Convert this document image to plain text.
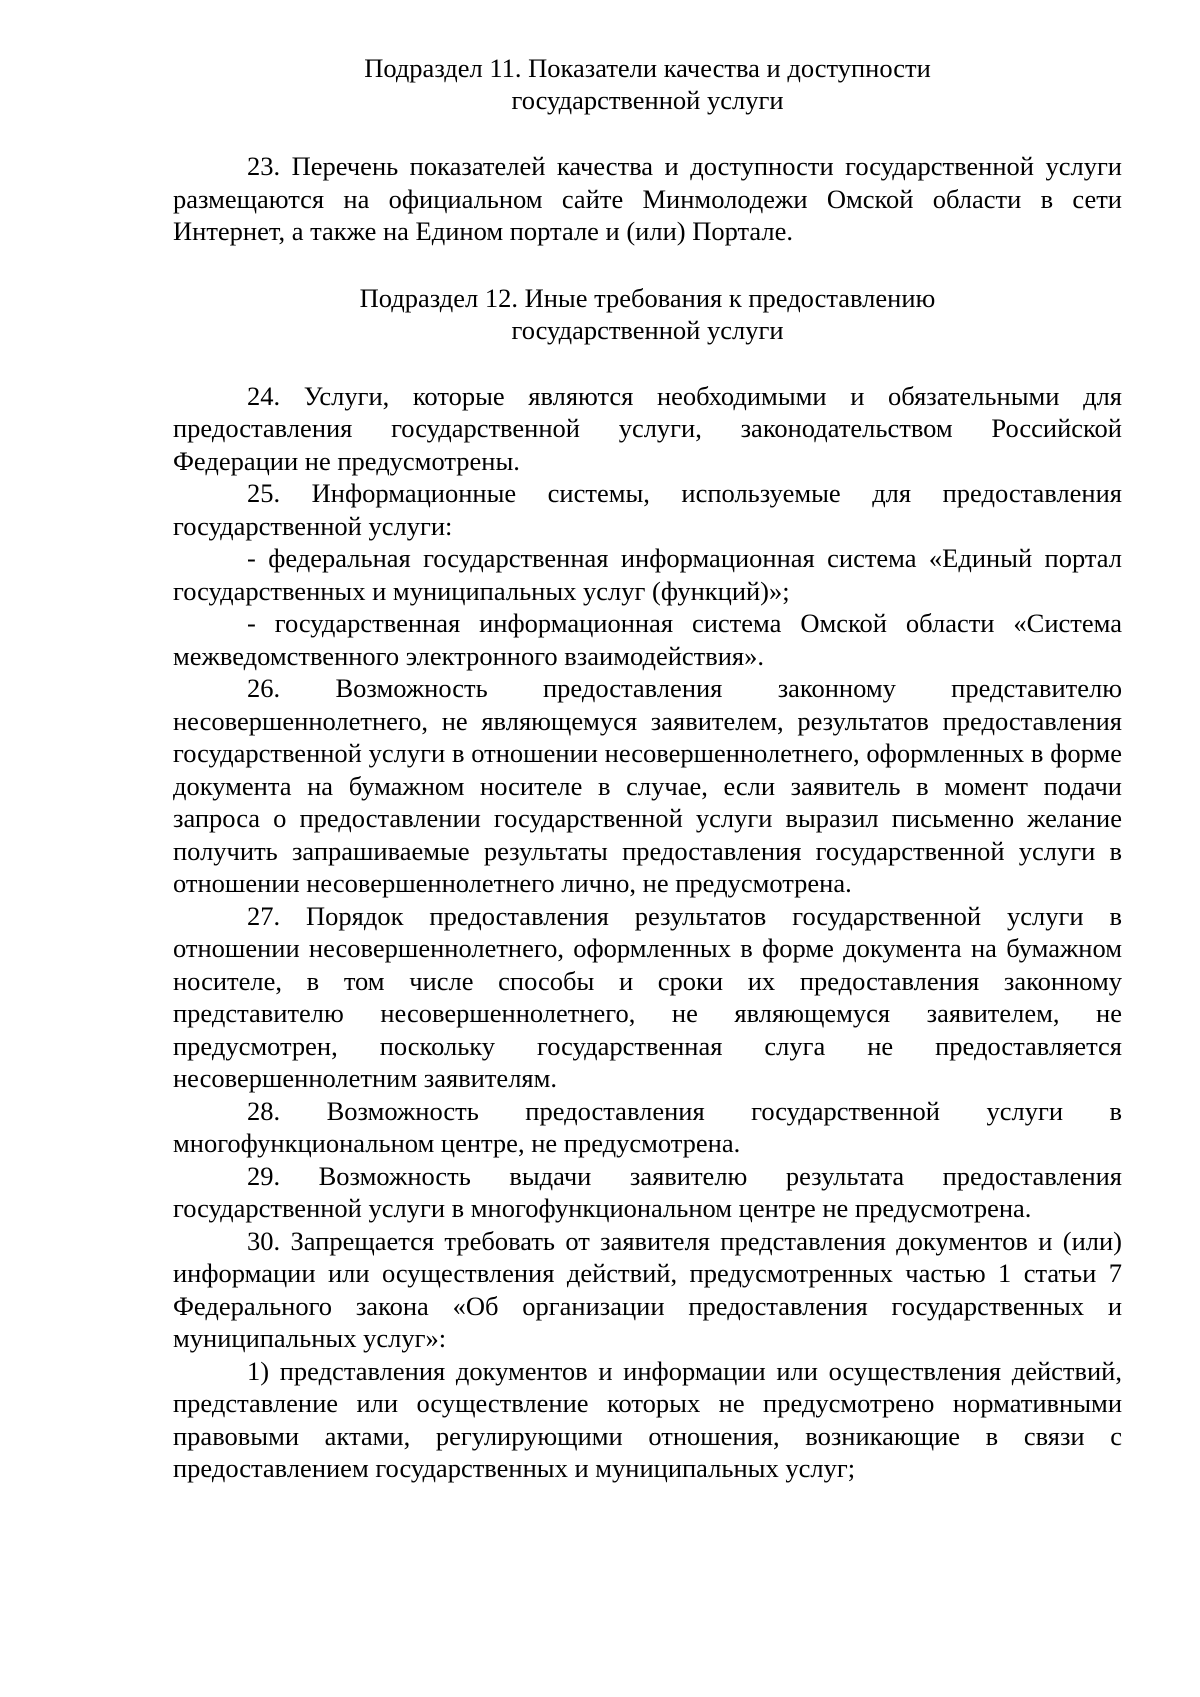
Подраздел 11. Показатели качества и доступности
государственной услуги

23. Перечень показателей качества и доступности государственной услуги размещаются на официальном сайте Минмолодежи Омской области в сети Интернет, а также на Едином портале и (или) Портале.

Подраздел 12. Иные требования к предоставлению
государственной услуги

24. Услуги, которые являются необходимыми и обязательными для предоставления государственной услуги, законодательством Российской Федерации не предусмотрены.

25. Информационные системы, используемые для предоставления государственной услуги:

- федеральная государственная информационная система «Единый портал государственных и муниципальных услуг (функций)»;

- государственная информационная система Омской области «Система межведомственного электронного взаимодействия».

26. Возможность предоставления законному представителю несовершеннолетнего, не являющемуся заявителем, результатов предоставления государственной услуги в отношении несовершеннолетнего, оформленных в форме документа на бумажном носителе в случае, если заявитель в момент подачи запроса о предоставлении государственной услуги выразил письменно желание получить запрашиваемые результаты предоставления государственной услуги в отношении несовершеннолетнего лично, не предусмотрена.

27. Порядок предоставления результатов государственной услуги в отношении несовершеннолетнего, оформленных в форме документа на бумажном носителе, в том числе способы и сроки их предоставления законному представителю несовершеннолетнего, не являющемуся заявителем, не предусмотрен, поскольку государственная слуга не предоставляется несовершеннолетним заявителям.

28. Возможность предоставления государственной услуги в многофункциональном центре, не предусмотрена.

29. Возможность выдачи заявителю результата предоставления государственной услуги в многофункциональном центре не предусмотрена.

30. Запрещается требовать от заявителя представления документов и (или) информации или осуществления действий, предусмотренных частью 1 статьи 7 Федерального закона «Об организации предоставления государственных и муниципальных услуг»:

1) представления документов и информации или осуществления действий, представление или осуществление которых не предусмотрено нормативными правовыми актами, регулирующими отношения, возникающие в связи с предоставлением государственных и муниципальных услуг;
